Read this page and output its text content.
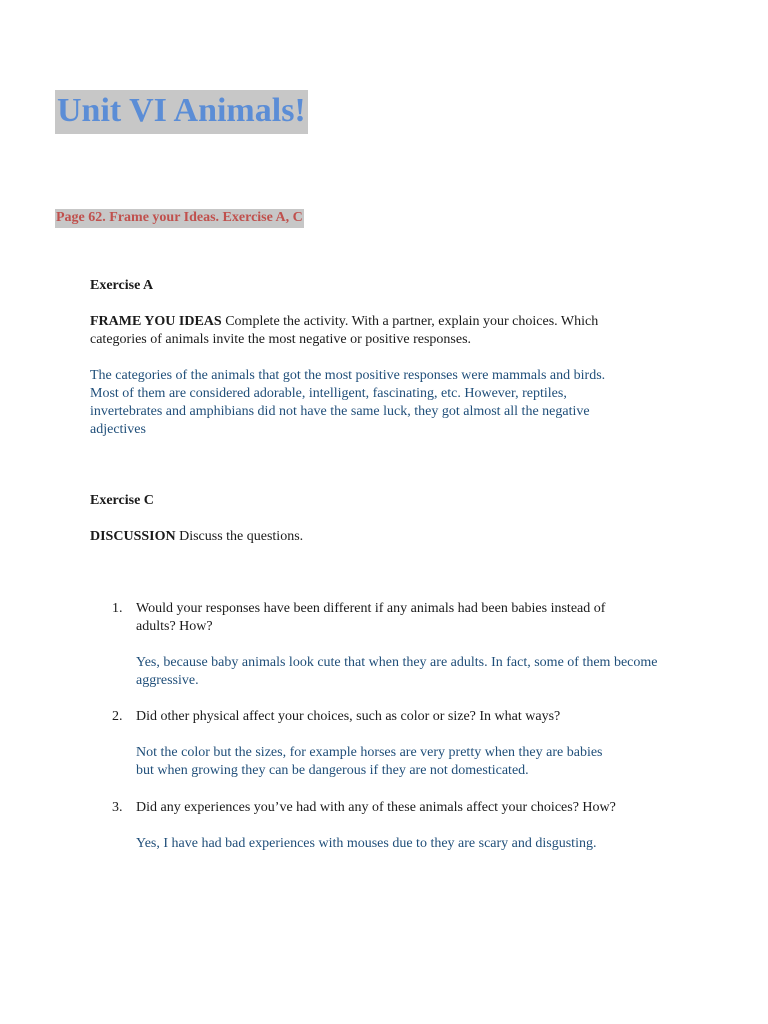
Unit VI Animals!
Page 62. Frame your Ideas. Exercise A, C
Exercise A
FRAME YOU IDEAS Complete the activity. With a partner, explain your choices. Which
categories of animals invite the most negative or positive responses.
The categories of the animals that got the most positive responses were mammals and birds.
Most of them are considered adorable, intelligent, fascinating, etc. However, reptiles,
invertebrates and amphibians did not have the same luck, they got almost all the negative
adjectives
Exercise C
DISCUSSION Discuss the questions.
1. Would your responses have been different if any animals had been babies instead of
adults? How?
Yes, because baby animals look cute that when they are adults. In fact, some of them become
aggressive.
2. Did other physical affect your choices, such as color or size? In what ways?
Not the color but the sizes, for example horses are very pretty when they are babies
but when growing they can be dangerous if they are not domesticated.
3. Did any experiences you’ve had with any of these animals affect your choices? How?
Yes, I have had bad experiences with mouses due to they are scary and disgusting.
